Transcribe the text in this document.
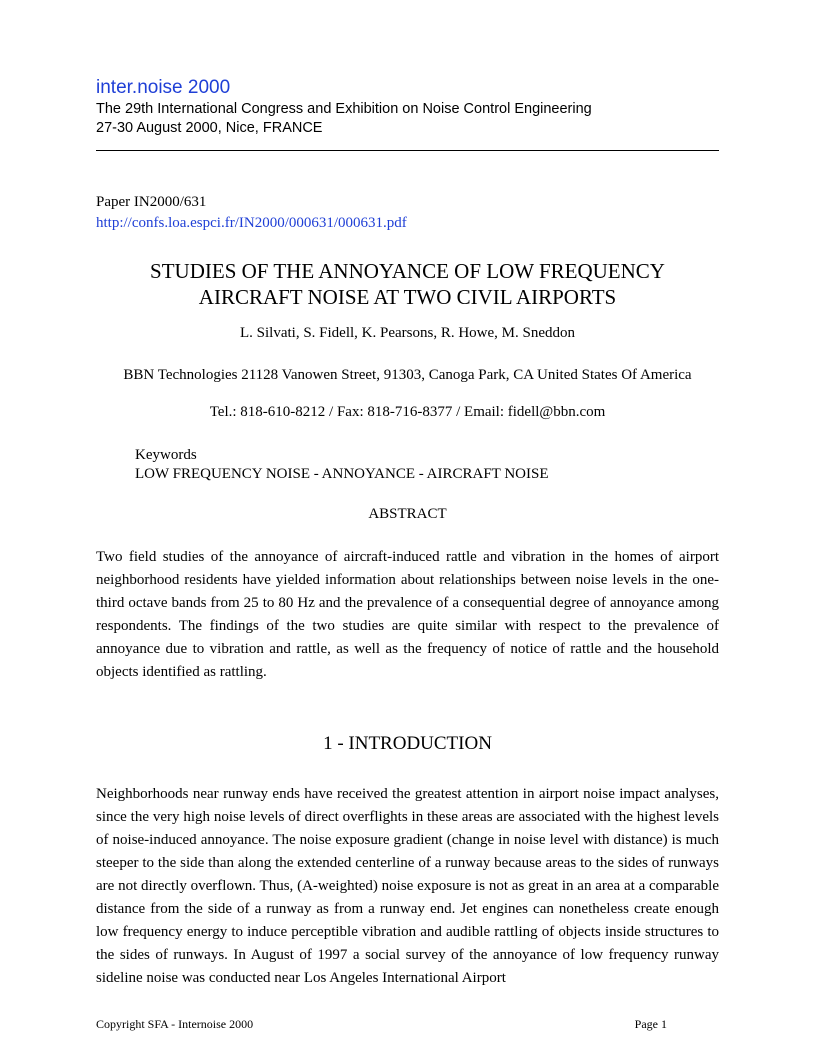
inter.noise 2000

The 29th International Congress and Exhibition on Noise Control Engineering

27-30 August 2000, Nice, FRANCE

Paper IN2000/631
http://confs.loa.espci.fr/IN2000/000631/000631.pdf
STUDIES OF THE ANNOYANCE OF LOW FREQUENCY
AIRCRAFT NOISE AT TWO CIVIL AIRPORTS
L. Silvati, S. Fidell, K. Pearsons, R. Howe, M. Sneddon
BBN Technologies 21128 Vanowen Street, 91303, Canoga Park, CA United States Of America
Tel.: 818-610-8212 / Fax: 818-716-8377 / Email: fidell@bbn.com
Keywords
LOW FREQUENCY NOISE - ANNOYANCE - AIRCRAFT NOISE
ABSTRACT

Two field studies of the annoyance of aircraft-induced rattle and vibration in the homes of airport neighborhood residents have yielded information about relationships between noise levels in the one-third octave bands from 25 to 80 Hz and the prevalence of a consequential degree of annoyance among respondents. The findings of the two studies are quite similar with respect to the prevalence of annoyance due to vibration and rattle, as well as the frequency of notice of rattle and the household objects identified as rattling.

1 - INTRODUCTION

Neighborhoods near runway ends have received the greatest attention in airport noise impact analyses, since the very high noise levels of direct overflights in these areas are associated with the highest levels of noise-induced annoyance. The noise exposure gradient (change in noise level with distance) is much steeper to the side than along the extended centerline of a runway because areas to the sides of runways are not directly overflown. Thus, (A-weighted) noise exposure is not as great in an area at a comparable distance from the side of a runway as from a runway end. Jet engines can nonetheless create enough low frequency energy to induce perceptible vibration and audible rattling of objects inside structures to the sides of runways. In August of 1997 a social survey of the annoyance of low frequency runway sideline noise was conducted near Los Angeles International Airport

Copyright SFA - Internoise 2000	Page 1
